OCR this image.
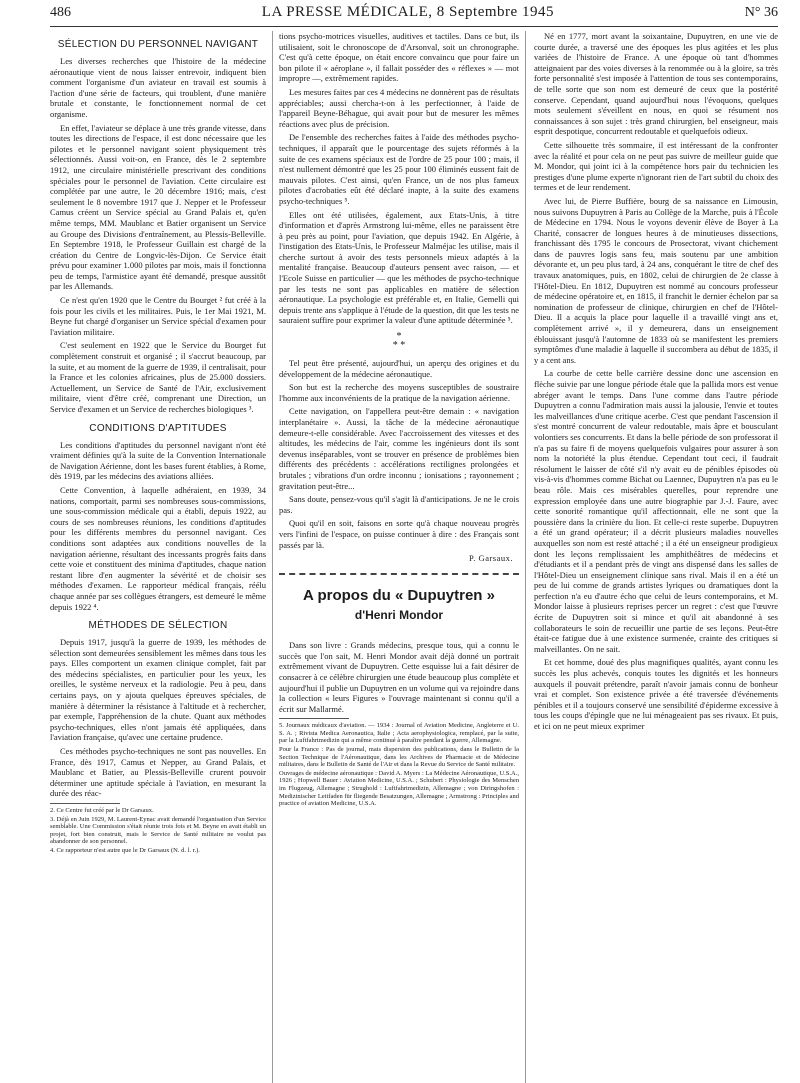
486	LA PRESSE MÉDICALE, 8 Septembre 1945	N° 36
SÉLECTION DU PERSONNEL NAVIGANT

Les diverses recherches que l'histoire de la médecine aéronautique vient de nous laisser entrevoir, indiquent bien comment l'organisme d'un aviateur en travail est soumis à l'action d'une série de facteurs, qui troublent, d'une manière brutale et constante, le fonctionnement normal de cet organisme.

En effet, l'aviateur se déplace à une très grande vitesse, dans toutes les directions de l'espace, il est donc nécessaire que les pilotes et le personnel navigant soient physiquement très sélectionnés. Aussi voit-on, en France, dès le 2 septembre 1912, une circulaire ministérielle prescrivant des conditions spéciales pour le personnel de l'aviation. Cette circulaire est complétée par une autre, le 20 décembre 1916; mais, c'est seulement le 8 novembre 1917 que J. Nepper et le Professeur Camus créent un Service spécial au Grand Palais et, qu'en même temps, MM. Maublanc et Batier organisent un Service au Groupe des Divisions d'entraînement, au Plessis-Belleville. En Septembre 1918, le Professeur Guillain est chargé de la création du Centre de Longvic-lès-Dijon. Ce Service était prévu pour examiner 1.000 pilotes par mois, mais il fonctionna peu de temps, l'armistice ayant été demandé, presque aussitôt par les Allemands.

Ce n'est qu'en 1920 que le Centre du Bourget ² fut créé à la fois pour les civils et les militaires. Puis, le 1er Mai 1921, M. Beyne fut chargé d'organiser un Service spécial d'examen pour l'aviation militaire.

C'est seulement en 1922 que le Service du Bourget fut complètement construit et organisé ; il s'accrut beaucoup, par la suite, et au moment de la guerre de 1939, il centralisait, pour la France et les colonies africaines, plus de 25.000 dossiers. Actuellement, un Service de Santé de l'Air, exclusivement militaire, vient d'être créé, comprenant une Direction, un Service d'examen et un Service de recherches biologiques ³.

CONDITIONS D'APTITUDES

Les conditions d'aptitudes du personnel navigant n'ont été vraiment définies qu'à la suite de la Convention Internationale de Navigation Aérienne, dont les bases furent établies, à Rome, dès 1919, par les médecins des aviations alliées.

Cette Convention, à laquelle adhéraient, en 1939, 34 nations, comportait, parmi ses nombreuses sous-commissions, une sous-commission médicale qui a établi, depuis 1922, au cours de ses nombreuses réunions, les conditions d'aptitudes pour les différents membres du personnel navigant. Ces conditions sont adaptées aux conditions nouvelles de la navigation aérienne, résultant des incessants progrès faits dans cette voie et constituent des minima d'aptitudes, chaque nation restant libre d'en augmenter la sévérité et de choisir ses méthodes d'examen. Le rapporteur médical français, réélu chaque année par ses collègues étrangers, est demeuré le même depuis 1922 ⁴.

MÉTHODES DE SÉLECTION

Depuis 1917, jusqu'à la guerre de 1939, les méthodes de sélection sont demeurées sensiblement les mêmes dans tous les pays. Elles comportent un examen clinique complet, fait par des médecins spécialistes, en particulier pour les yeux, les oreilles, le système nerveux et la radiologie. Peu à peu, dans certains pays, on y ajouta quelques épreuves spéciales, de manière à déterminer la résistance à l'altitude et à rechercher, par exemple, l'appréhension de la chute. Quant aux méthodes psycho-techniques, elles n'ont jamais été appliquées, dans l'aviation française, qu'avec une certaine prudence.

Ces méthodes psycho-techniques ne sont pas nouvelles. En France, dès 1917, Camus et Nepper, au Grand Palais, et Maublanc et Batier, au Plessis-Belleville crurent pouvoir déterminer une aptitude spéciale à l'aviation, en mesurant la durée des réac-

2. Ce Centre fut créé par le Dr Garsaux.

3. Déjà en Juin 1929, M. Laurent-Eynac avait demandé l'organisation d'un Service semblable. Une Commission s'était réunie trois fois et M. Beyne en avait établi un projet, fort bien construit, mais le Service de Santé militaire ne voulut pas abandonner de son personnel.

4. Ce rapporteur n'est autre que le Dr Garsaux (N. d. l. r.).

tions psycho-motrices visuelles, auditives et tactiles. Dans ce but, ils utilisaient, soit le chronoscope de d'Arsonval, soit un chronographe. C'est qu'à cette époque, on était encore convaincu que pour faire un bon pilote il « aéroplane », il fallait posséder des « réflexes » — mot impropre —, extrêmement rapides.

Les mesures faites par ces 4 médecins ne donnèrent pas de résultats appréciables; aussi chercha-t-on à les perfectionner, à l'aide de l'appareil Beyne-Béhague, qui avait pour but de mesurer les mêmes réactions avec plus de précision.

De l'ensemble des recherches faites à l'aide des méthodes psycho-techniques, il apparaît que le pourcentage des sujets réformés à la suite de ces examens spéciaux est de l'ordre de 25 pour 100 ; mais, il n'est nullement démontré que les 25 pour 100 éliminés eussent fait de mauvais pilotes. C'est ainsi, qu'en France, un de nos plus fameux pilotes d'acrobaties eût été déclaré inapte, à la suite des examens psycho-techniques ⁵.

Elles ont été utilisées, également, aux Etats-Unis, à titre d'information et d'après Armstrong lui-même, elles ne paraissent être à peu près au point, pour l'aviation, que depuis 1942. En Algérie, à l'instigation des Etats-Unis, le Professeur Malméjac les utilise, mais il cherche surtout à avoir des tests personnels mieux adaptés à la mentalité française. Beaucoup d'auteurs pensent avec raison, — et l'Ecole Suisse en particulier — que les méthodes de psycho-technique par les tests ne sont pas applicables en matière de sélection aéronautique. La psychologie est préférable et, en Italie, Gemelli qui depuis trente ans s'applique à l'étude de la question, dit que les tests ne sauraient suffire pour exprimer la valeur d'une aptitude déterminée ⁵.

*
* *

Tel peut être présenté, aujourd'hui, un aperçu des origines et du développement de la médecine aéronautique.

Son but est la recherche des moyens susceptibles de soustraire l'homme aux inconvénients de la pratique de la navigation aérienne.

Cette navigation, on l'appellera peut-être demain : « navigation interplanétaire ». Aussi, la tâche de la médecine aéronautique demeure-t-elle considérable. Avec l'accroissement des vitesses et des altitudes, les médecins de l'air, comme les ingénieurs dont ils sont devenus inséparables, vont se trouver en présence de problèmes bien différents des précédents : accélérations rectilignes prolongées et brutales ; vibrations d'un ordre inconnu ; ionisations ; rayonnement ; gravitation peut-être...

Sans doute, pensez-vous qu'il s'agit là d'anticipations. Je ne le crois pas.

Quoi qu'il en soit, faisons en sorte qu'à chaque nouveau progrès vers l'infini de l'espace, on puisse continuer à dire : des Français sont passés par là.

P. Garsaux.
A propos du « Dupuytren »
d'Henri Mondor

Dans son livre : Grands médecins, presque tous, qui a connu le succès que l'on sait, M. Henri Mondor avait déjà donné un portrait extrêmement vivant de Dupuytren. Cette esquisse lui a fait désirer de consacrer à ce célèbre chirurgien une étude beaucoup plus complète et aujourd'hui il publie un Dupuytren en un volume qui va rejoindre dans la collection « leurs Figures » l'ouvrage maintenant si connu qu'il a écrit sur Mallarmé.

5. Journaux médicaux d'aviation. — 1934 : Journal of Aviation Medicine, Angleterre et U. S. A. ; Rivista Medica Aeronautica, Italie ; Acta aerophysiologica, remplacé, par la suite, par la Luftfahrtmedizin qui a même continué à paraître pendant la guerre, Allemagne.

Pour la France : Pas de journal, mais dispersion des publications, dans le Bulletin de la Section Technique de l'Aéronautique, dans les Archives de Pharmacie et de Médecine militaires, dans le Bulletin de Santé de l'Air et dans la Revue du Service de Santé militaire.

Ouvrages de médecine aéronautique : David A. Myers : La Médecine Aéronautique, U.S.A., 1926 ; Hopwell Bauer : Aviation Medicine, U.S.A. ; Schubert : Physiologie des Menschen im Flugzeug, Allemagne ; Strughold : Luftfahrtmedizin, Allemagne ; von Diringshofen : Medizinischer Leitfaden für fliegende Besatzungen, Allemagne ; Armstrong : Principles and practice of aviation Medicine, U.S.A.

Né en 1777, mort avant la soixantaine, Dupuytren, en une vie de courte durée, a traversé une des époques les plus agitées et les plus variées de l'histoire de France. A une époque où tant d'hommes atteignaient par des voies diverses à la renommée ou à la gloire, sa très forte personnalité s'est imposée à l'attention de tous ses contemporains, de telle sorte que son nom est demeuré de ceux que la postérité conserve. Cependant, quand aujourd'hui nous l'évoquons, quelques mots seulement s'éveillent en nous, en quoi se résument nos connaissances à son sujet : très grand chirurgien, bel enseigneur, mais esprit despotique, concurrent redoutable et quelquefois odieux.

Cette silhouette très sommaire, il est intéressant de la confronter avec la réalité et pour cela on ne peut pas suivre de meilleur guide que M. Mondor, qui joint ici à la compétence hors pair du technicien les prestiges d'une plume experte n'ignorant rien de l'art subtil du choix des termes et de leur rendement.

Avec lui, de Pierre Buffière, bourg de sa naissance en Limousin, nous suivons Dupuytren à Paris au Collège de la Marche, puis à l'École de Médecine en 1794. Nous le voyons devenir élève de Boyer à La Charité, consacrer de longues heures à de minutieuses dissections, franchissant dès 1795 le concours de Prosectorat, vivant chichement dans de pauvres logis sans feu, mais soutenu par une ambition dévorante et, un peu plus tard, à 24 ans, conquérant le titre de chef des travaux anatomiques, puis, en 1802, celui de chirurgien de 2e classe à l'Hôtel-Dieu. En 1812, Dupuytren est nommé au concours professeur de médecine opératoire et, en 1815, il franchit le dernier échelon par sa nomination de professeur de clinique, chirurgien en chef de l'Hôtel-Dieu. Il a acquis la place pour laquelle il a travaillé vingt ans et, complètement arrivé », il y demeurera, dans un enseignement éblouissant jusqu'à l'automne de 1833 où se manifestent les premiers symptômes d'une maladie à laquelle il succombera au début de 1835, il y a cent ans.

La courbe de cette belle carrière dessine donc une ascension en flèche suivie par une longue période étale que la pallida mors est venue abréger avant le temps. Dans l'une comme dans l'autre période Dupuytren a connu l'admiration mais aussi la jalousie, l'envie et toutes les malveillances d'une critique acerbe. C'est que pendant l'ascension il s'est montré concurrent de valeur redoutable, mais âpre et bousculant volontiers ses concurrents. Et dans la belle période de son professorat il n'a pas su faire fi de moyens quelquefois vulgaires pour assurer à son nom la notoriété la plus étendue. Cependant tout ceci, il faudrait résolument le laisser de côté s'il n'y avait eu de pénibles épisodes où vis-à-vis d'hommes comme Bichat ou Laennec, Dupuytren n'a pas eu le beau rôle. Mais ces misérables querelles, pour reprendre une expression employée dans une autre biographie par J.-J. Faure, avec cette sonorité romantique qu'il affectionnait, elle ne sont que la poussière dans la crinière du lion. Et celle-ci reste superbe. Dupuytren a été un grand opérateur; il a décrit plusieurs maladies nouvelles auxquelles son nom est resté attaché ; il a été un enseigneur prodigieux dont les leçons remplissaient les amphithéâtres de médecins et d'étudiants et il a pendant près de vingt ans dispensé dans les salles de l'Hôtel-Dieu un enseignement clinique sans rival. Mais il en a été un peu de lui comme de grands artistes lyriques ou dramatiques dont la perfection n'a eu d'autre écho que celui de leurs contemporains, et M. Mondor laisse à plusieurs reprises percer un regret : c'est que l'œuvre écrite de Dupuytren soit si mince et qu'il ait abandonné à ses collaborateurs le soin de recueillir une partie de ses leçons. Peut-être était-ce fatigue due à une existence surmenée, crainte des critiques si malveillantes. On ne sait.

Et cet homme, doué des plus magnifiques qualités, ayant connu les succès les plus achevés, conquis toutes les dignités et les honneurs auxquels il pouvait prétendre, paraît n'avoir jamais connu de bonheur vrai et complet. Son existence privée a été traversée d'événements pénibles et il a toujours conservé une sensibilité d'épiderme excessive à tous les coups d'épingle que ne lui ménageaient pas ses rivaux. Et puis, et ici on ne peut mieux exprimer
